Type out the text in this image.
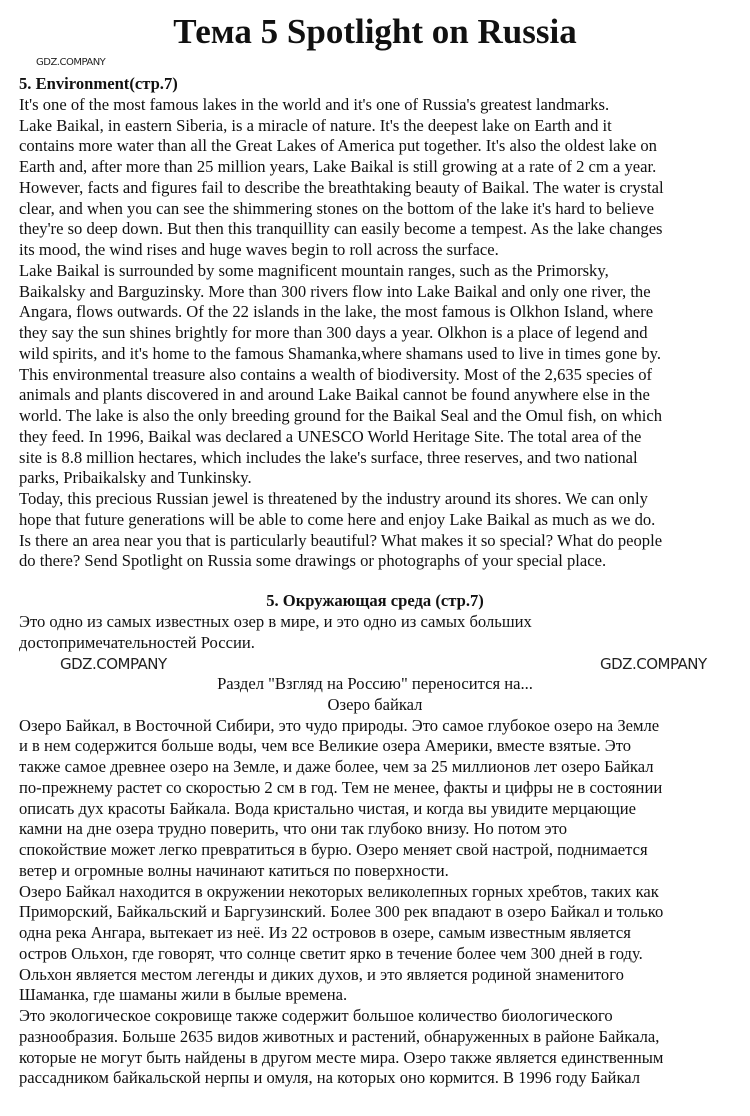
Тема 5 Spotlight on Russia
5. Environment(стр.7)
It's one of the most famous lakes in the world and it's one of Russia's greatest landmarks.
Lake Baikal, in eastern Siberia, is a miracle of nature. It's the deepest lake on Earth and it
contains more water than all the Great Lakes of America put together. It's also the oldest lake on
Earth and, after more than 25 million years, Lake Baikal is still growing at a rate of 2 cm a year.
However, facts and figures fail to describe the breathtaking beauty of Baikal. The water is crystal
clear, and when you can see the shimmering stones on the bottom of the lake it's hard to believe
they're so deep down. But then this tranquillity can easily become a tempest. As the lake changes
its mood, the wind rises and huge waves begin to roll across the surface.
Lake Baikal is surrounded by some magnificent mountain ranges, such as the Primorsky,
Baikalsky and Barguzinsky. More than 300 rivers flow into Lake Baikal and only one river, the
Angara, flows outwards. Of the 22 islands in the lake, the most famous is Olkhon Island, where
they say the sun shines brightly for more than 300 days a year. Olkhon is a place of legend and
wild spirits, and it's home to the famous Shamanka,where shamans used to live in times gone by.
This environmental treasure also contains a wealth of biodiversity. Most of the 2,635 species of
animals and plants discovered in and around Lake Baikal cannot be found anywhere else in the
world. The lake is also the only breeding ground for the Baikal Seal and the Omul fish, on which
they feed. In 1996, Baikal was declared a UNESCO World Heritage Site. The total area of the
site is 8.8 million hectares, which includes the lake's surface, three reserves, and two national
parks, Pribaikalsky and Tunkinsky.
Today, this precious Russian jewel is threatened by the industry around its shores. We can only
hope that future generations will be able to come here and enjoy Lake Baikal as much as we do.
Is there an area near you that is particularly beautiful? What makes it so special? What do people
do there? Send Spotlight on Russia some drawings or photographs of your special place.
5. Окружающая среда (стр.7)
Это одно из самых известных озер в мире, и это одно из самых больших
достопримечательностей России.
Раздел "Взгляд на Россию" переносится на...
Озеро байкал
Озеро Байкал, в Восточной Сибири, это чудо природы. Это самое глубокое озеро на Земле
и в нем содержится больше воды, чем все Великие озера Америки, вместе взятые. Это
также самое древнее озеро на Земле, и даже более, чем за 25 миллионов лет озеро Байкал
по-прежнему растет со скоростью 2 см в год. Тем не менее, факты и цифры не в состоянии
описать дух красоты Байкала. Вода кристально чистая, и когда вы увидите мерцающие
камни на дне озера трудно поверить, что они так глубоко внизу. Но потом это
спокойствие может легко превратиться в бурю. Озеро меняет свой настрой, поднимается
ветер и огромные волны начинают катиться по поверхности.
Озеро Байкал находится в окружении некоторых великолепных горных хребтов, таких как
Приморский, Байкальский и Баргузинский. Более 300 рек впадают в озеро Байкал и только
одна река Ангара, вытекает из неё. Из 22 островов в озере, самым известным является
остров Ольхон, где говорят, что солнце светит ярко в течение более чем 300 дней в году.
Ольхон является местом легенды и диких духов, и это является родиной знаменитого
Шаманка, где шаманы жили в былые времена.
Это экологическое сокровище также содержит большое количество биологического
разнообразия. Больше 2635 видов животных и растений, обнаруженных в районе Байкала,
которые не могут быть найдены в другом месте мира. Озеро также является единственным
рассадником байкальской нерпы и омуля, на которых оно кормится. В 1996 году Байкал
GDZ.COMPANY
GDZ.COMPANY	GDZ.COMPANY
